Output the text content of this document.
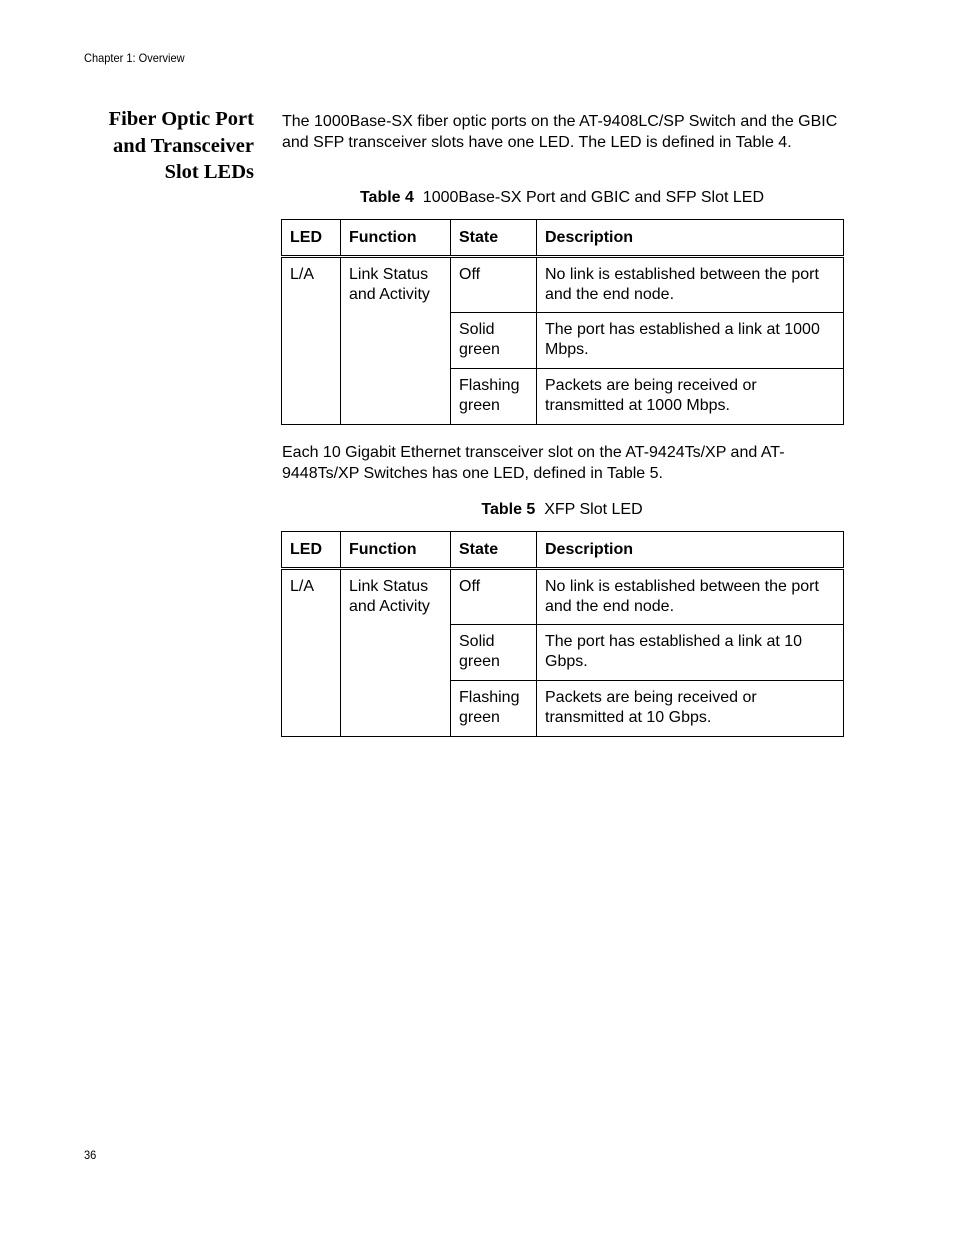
Chapter 1: Overview
Fiber Optic Port
and Transceiver
Slot LEDs
The 1000Base-SX fiber optic ports on the AT-9408LC/SP Switch and the GBIC and SFP transceiver slots have one LED. The LED is defined in Table 4.
Table 4 1000Base-SX Port and GBIC and SFP Slot LED
LED	Function	State	Description
L/A	Link Status and Activity	Off	No link is established between the port and the end node.
		Solid green	The port has established a link at 1000 Mbps.
		Flashing green	Packets are being received or transmitted at 1000 Mbps.
Each 10 Gigabit Ethernet transceiver slot on the AT-9424Ts/XP and AT-9448Ts/XP Switches has one LED, defined in Table 5.
Table 5 XFP Slot LED
LED	Function	State	Description
L/A	Link Status and Activity	Off	No link is established between the port and the end node.
		Solid green	The port has established a link at 10 Gbps.
		Flashing green	Packets are being received or transmitted at 10 Gbps.
36
